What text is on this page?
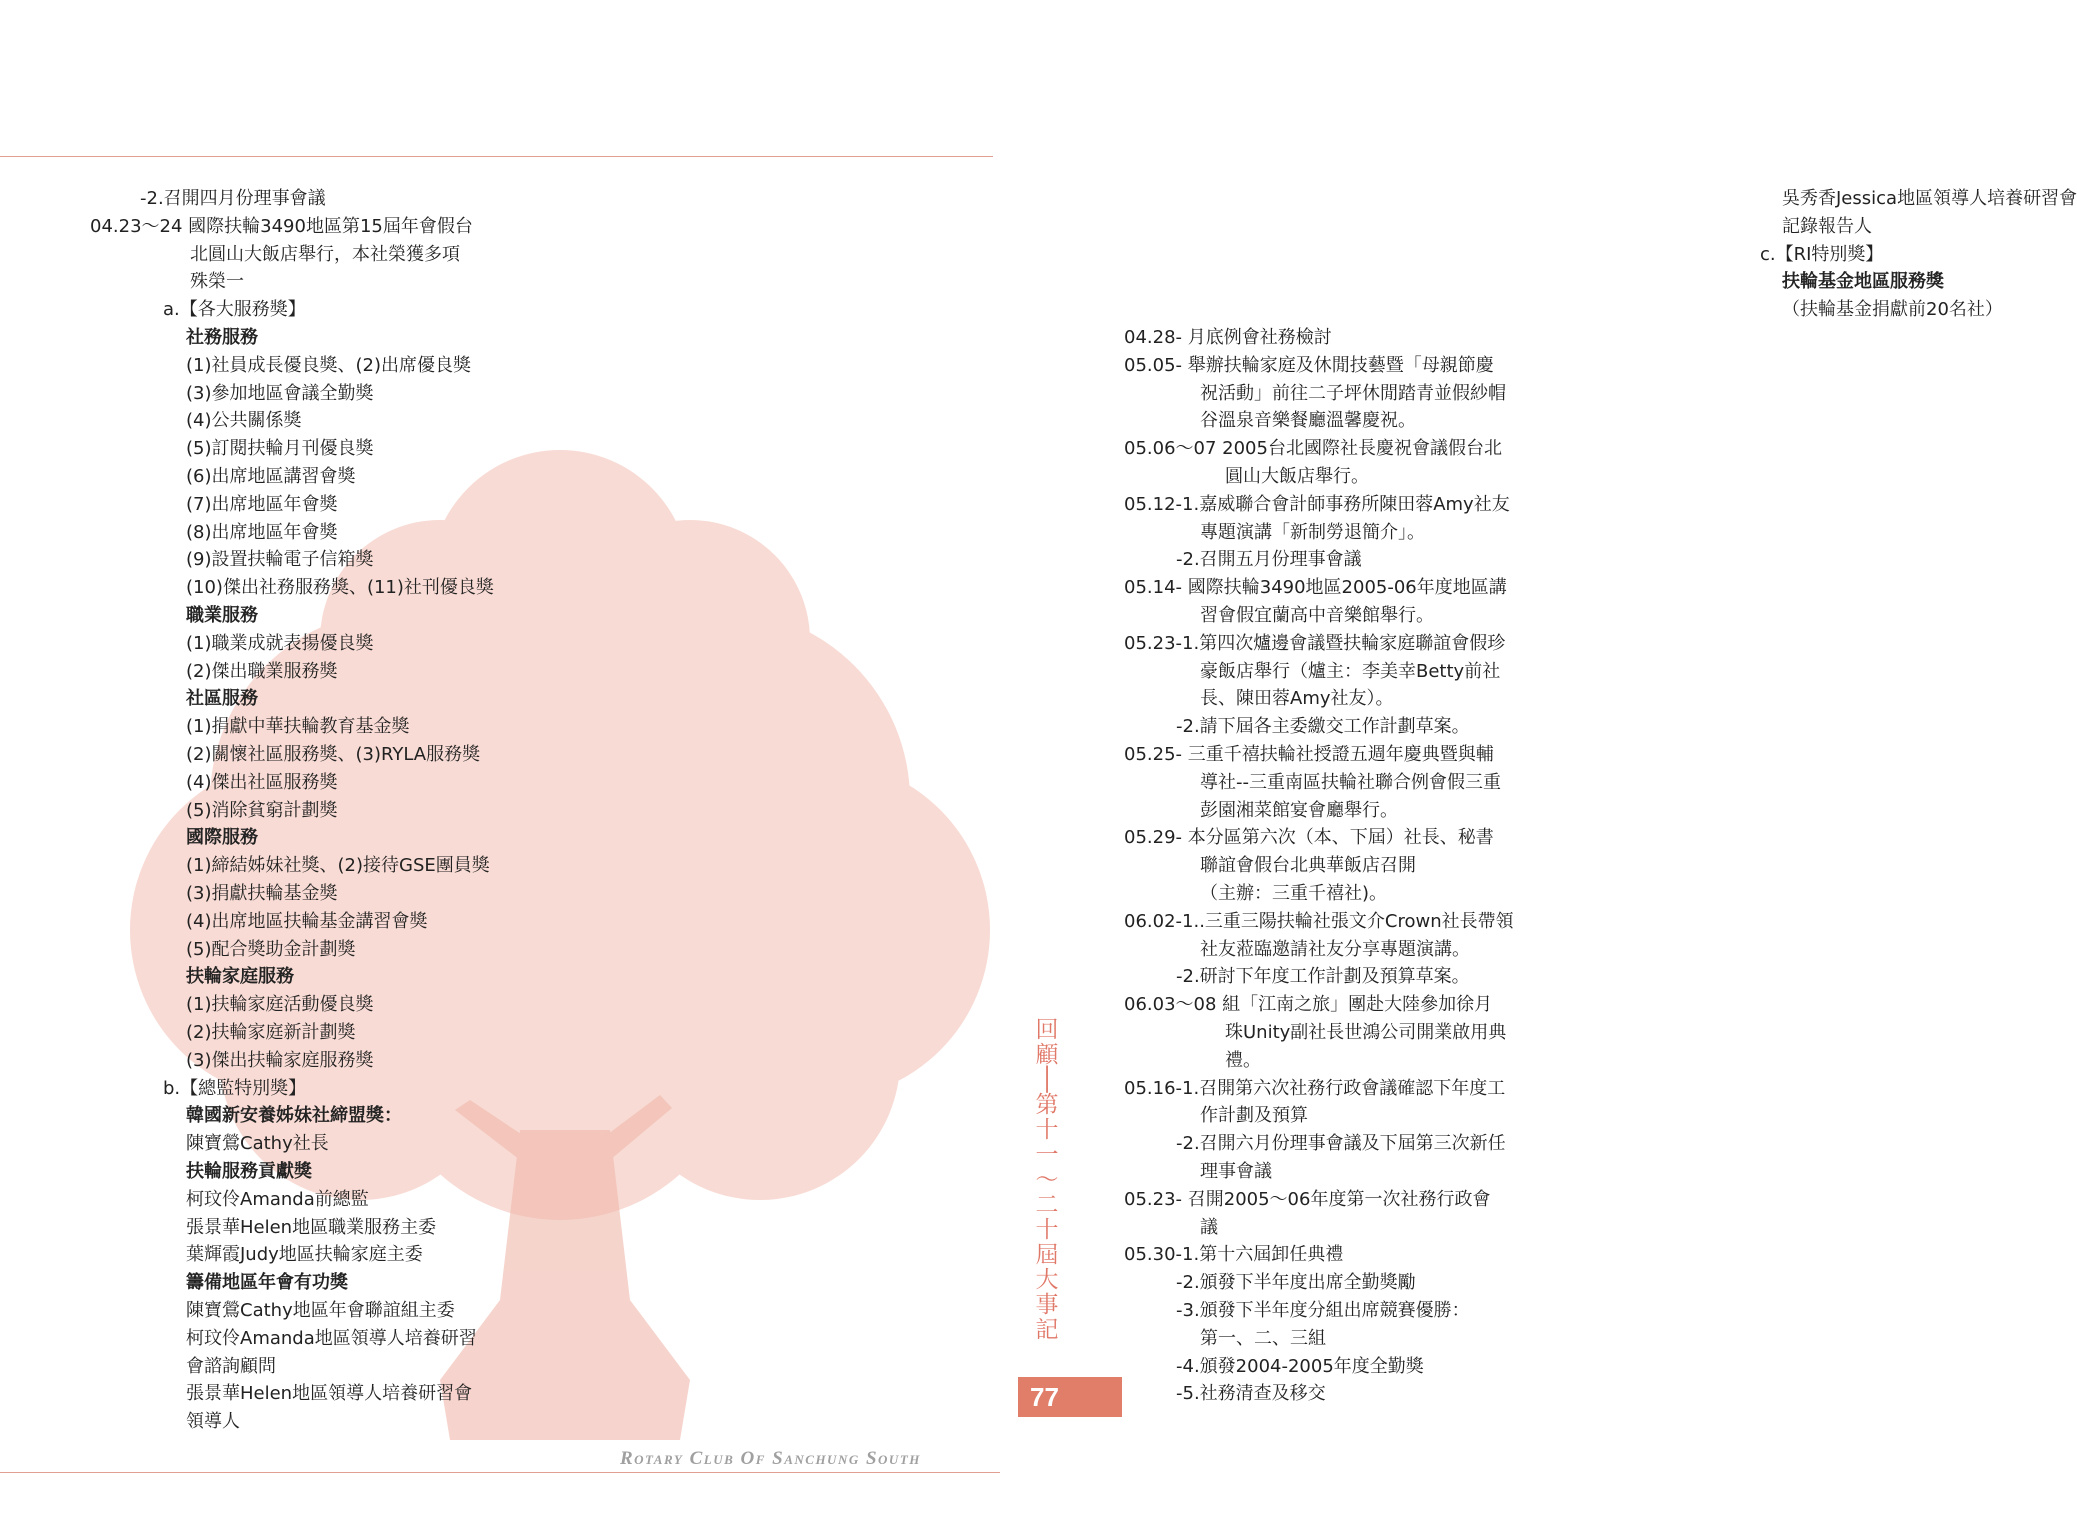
-2.召開四月份理事會議
04.23～24 國際扶輪3490地區第15屆年會假台
北圓山大飯店舉行，本社榮獲多項
殊榮一
a.【各大服務獎】
社務服務
(1)社員成長優良獎、(2)出席優良獎
(3)參加地區會議全勤獎
(4)公共關係獎
(5)訂閱扶輪月刊優良獎
(6)出席地區講習會獎
(7)出席地區年會獎
(8)出席地區年會獎
(9)設置扶輪電子信箱獎
(10)傑出社務服務獎、(11)社刊優良獎
職業服務
(1)職業成就表揚優良獎
(2)傑出職業服務獎
社區服務
(1)捐獻中華扶輪教育基金獎
(2)關懷社區服務獎、(3)RYLA服務獎
(4)傑出社區服務獎
(5)消除貧窮計劃獎
國際服務
(1)締結姊妹社獎、(2)接待GSE團員獎
(3)捐獻扶輪基金獎
(4)出席地區扶輪基金講習會獎
(5)配合獎助金計劃獎
扶輪家庭服務
(1)扶輪家庭活動優良獎
(2)扶輪家庭新計劃獎
(3)傑出扶輪家庭服務獎
b.【總監特別獎】
韓國新安養姊妹社締盟獎：
陳寶鶯Cathy社長
扶輪服務貢獻獎
柯玟伶Amanda前總監
張景華Helen地區職業服務主委
葉輝霞Judy地區扶輪家庭主委
籌備地區年會有功獎
陳寶鶯Cathy地區年會聯誼組主委
柯玟伶Amanda地區領導人培養研習
會諮詢顧問
張景華Helen地區領導人培養研習會
領導人
吳秀香Jessica地區領導人培養研習會
記錄報告人
c.【RI特別獎】
扶輪基金地區服務獎
（扶輪基金捐獻前20名社）
04.28- 月底例會社務檢討
05.05- 舉辦扶輪家庭及休閒技藝暨「母親節慶
祝活動」前往二子坪休閒踏青並假紗帽
谷溫泉音樂餐廳溫馨慶祝。
05.06～07 2005台北國際社長慶祝會議假台北
圓山大飯店舉行。
05.12-1.嘉威聯合會計師事務所陳田蓉Amy社友
專題演講「新制勞退簡介」。
-2.召開五月份理事會議
05.14- 國際扶輪3490地區2005-06年度地區講
習會假宜蘭高中音樂館舉行。
05.23-1.第四次爐邊會議暨扶輪家庭聯誼會假珍
豪飯店舉行（爐主：李美幸Betty前社
長、陳田蓉Amy社友）。
-2.請下屆各主委繳交工作計劃草案。
05.25- 三重千禧扶輪社授證五週年慶典暨與輔
導社--三重南區扶輪社聯合例會假三重
彭園湘菜館宴會廳舉行。
05.29- 本分區第六次（本、下屆）社長、秘書
聯誼會假台北典華飯店召開
（主辦：三重千禧社)。
06.02-1..三重三陽扶輪社張文介Crown社長帶領
社友蒞臨邀請社友分享專題演講。
-2.研討下年度工作計劃及預算草案。
06.03～08 組「江南之旅」團赴大陸參加徐月
珠Unity副社長世鴻公司開業啟用典
禮。
05.16-1.召開第六次社務行政會議確認下年度工
作計劃及預算
-2.召開六月份理事會議及下屆第三次新任
理事會議
05.23- 召開2005～06年度第一次社務行政會
議
05.30-1.第十六屆卸任典禮
-2.頒發下半年度出席全勤獎勵
-3.頒發下半年度分組出席競賽優勝：
第一、二、三組
-4.頒發2004-2005年度全勤獎
-5.社務清查及移交
回
顧
│
第
十
一
～
二
十
屆
大
事
記
77
Rotary Club Of Sanchung South
